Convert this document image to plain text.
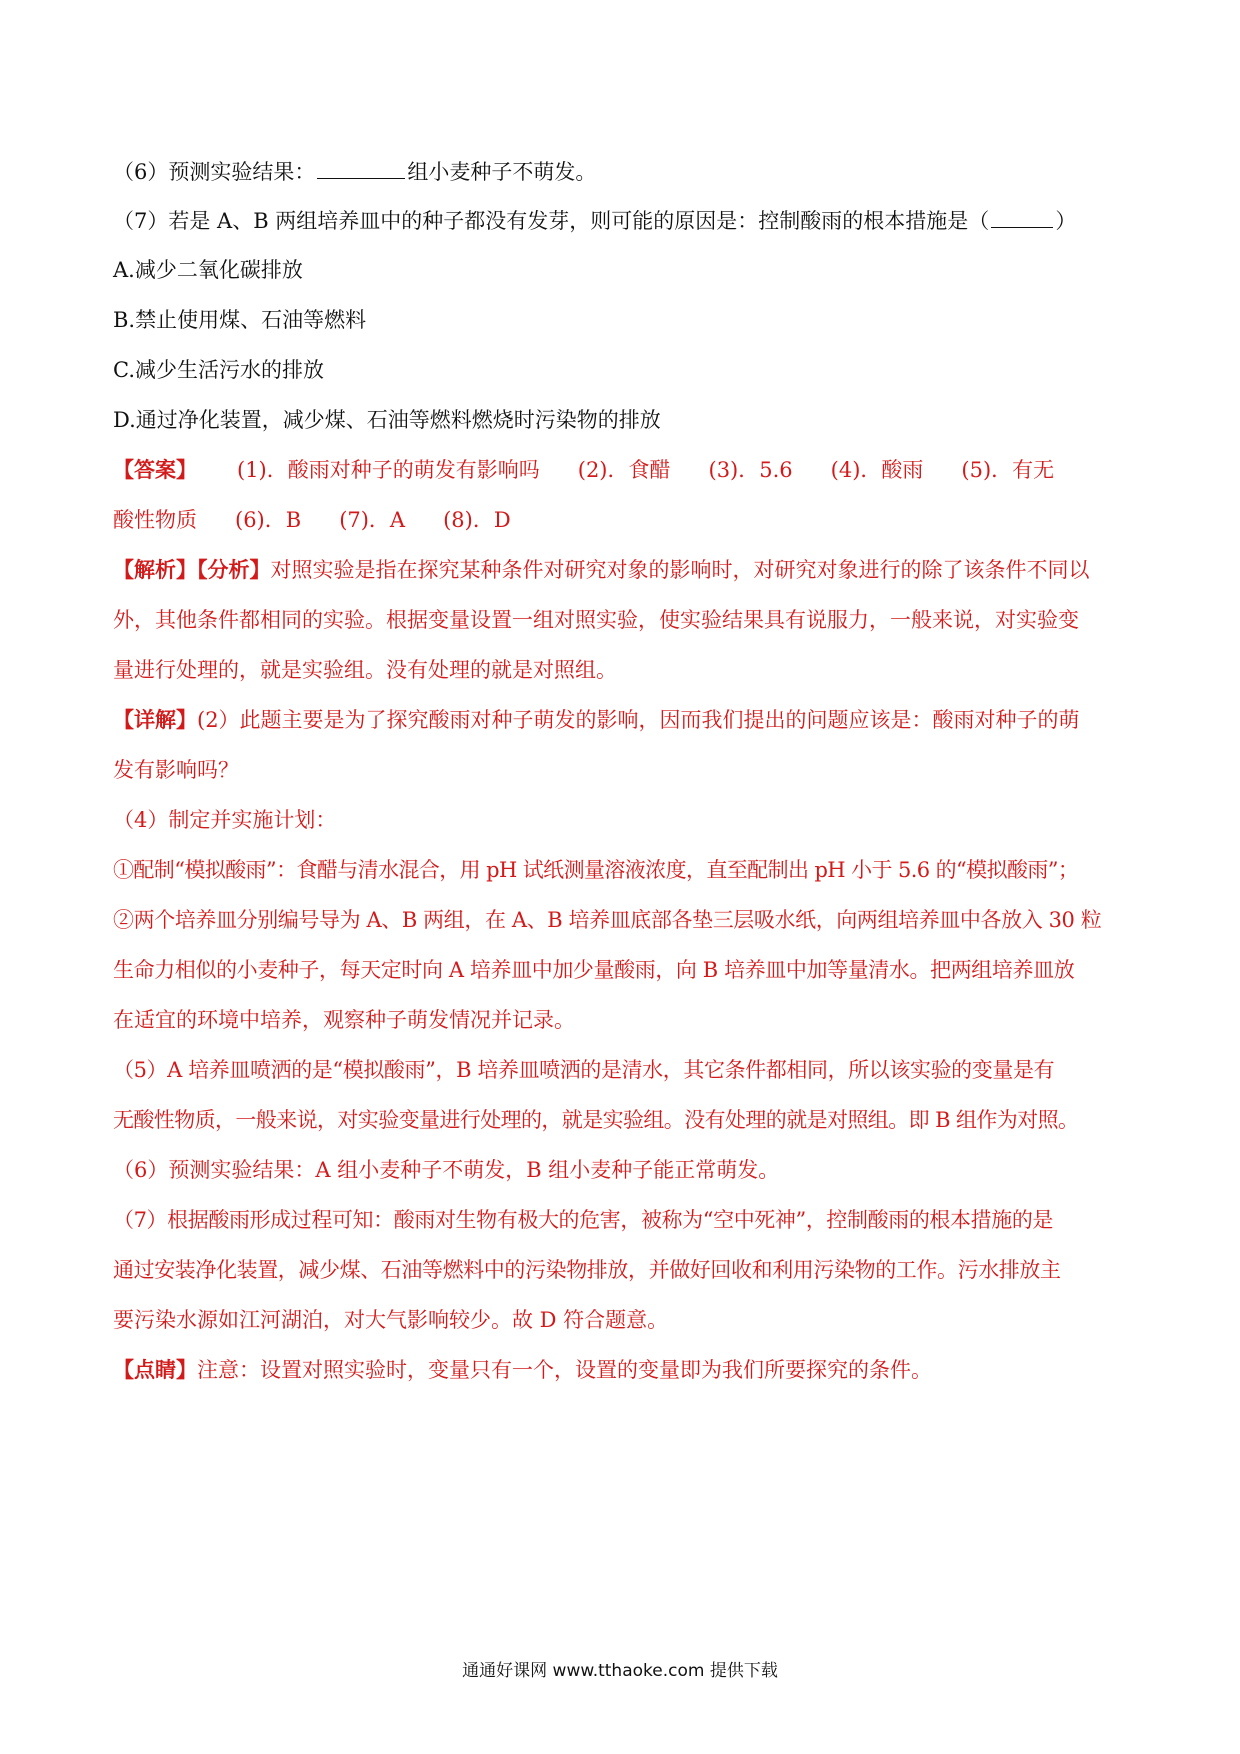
（6）预测实验结果：	组小麦种子不萌发。
（7）若是 A、B 两组培养皿中的种子都没有发芽，则可能的原因是：控制酸雨的根本措施是（	）
A.减少二氧化碳排放
B.禁止使用煤、石油等燃料
C.减少生活污水的排放
D.通过净化装置，减少煤、石油等燃料燃烧时污染物的排放
【答案】 (1)．酸雨对种子的萌发有影响吗 (2)．食醋 (3)．5.6 (4)．酸雨 (5)．有无
酸性物质 (6)．B (7)．A (8)．D
【解析】【分析】对照实验是指在探究某种条件对研究对象的影响时，对研究对象进行的除了该条件不同以
外，其他条件都相同的实验。根据变量设置一组对照实验，使实验结果具有说服力，一般来说，对实验变
量进行处理的，就是实验组。没有处理的就是对照组。
【详解】(2）此题主要是为了探究酸雨对种子萌发的影响，因而我们提出的问题应该是：酸雨对种子的萌
发有影响吗？
（4）制定并实施计划：
①配制“模拟酸雨”：食醋与清水混合，用 pH 试纸测量溶液浓度，直至配制出 pH 小于 5.6 的“模拟酸雨”；
②两个培养皿分别编号导为 A、B 两组，在 A、B 培养皿底部各垫三层吸水纸，向两组培养皿中各放入 30 粒
生命力相似的小麦种子，每天定时向 A 培养皿中加少量酸雨，向 B 培养皿中加等量清水。把两组培养皿放
在适宜的环境中培养，观察种子萌发情况并记录。
（5）A 培养皿喷洒的是“模拟酸雨”，B 培养皿喷洒的是清水，其它条件都相同，所以该实验的变量是有
无酸性物质，一般来说，对实验变量进行处理的，就是实验组。没有处理的就是对照组。即 B 组作为对照。
（6）预测实验结果：A 组小麦种子不萌发，B 组小麦种子能正常萌发。
（7）根据酸雨形成过程可知：酸雨对生物有极大的危害，被称为“空中死神”，控制酸雨的根本措施的是
通过安装净化装置，减少煤、石油等燃料中的污染物排放，并做好回收和利用污染物的工作。污水排放主
要污染水源如江河湖泊，对大气影响较少。故 D 符合题意。
【点睛】注意：设置对照实验时，变量只有一个，设置的变量即为我们所要探究的条件。
通通好课网 www.tthaoke.com 提供下载
